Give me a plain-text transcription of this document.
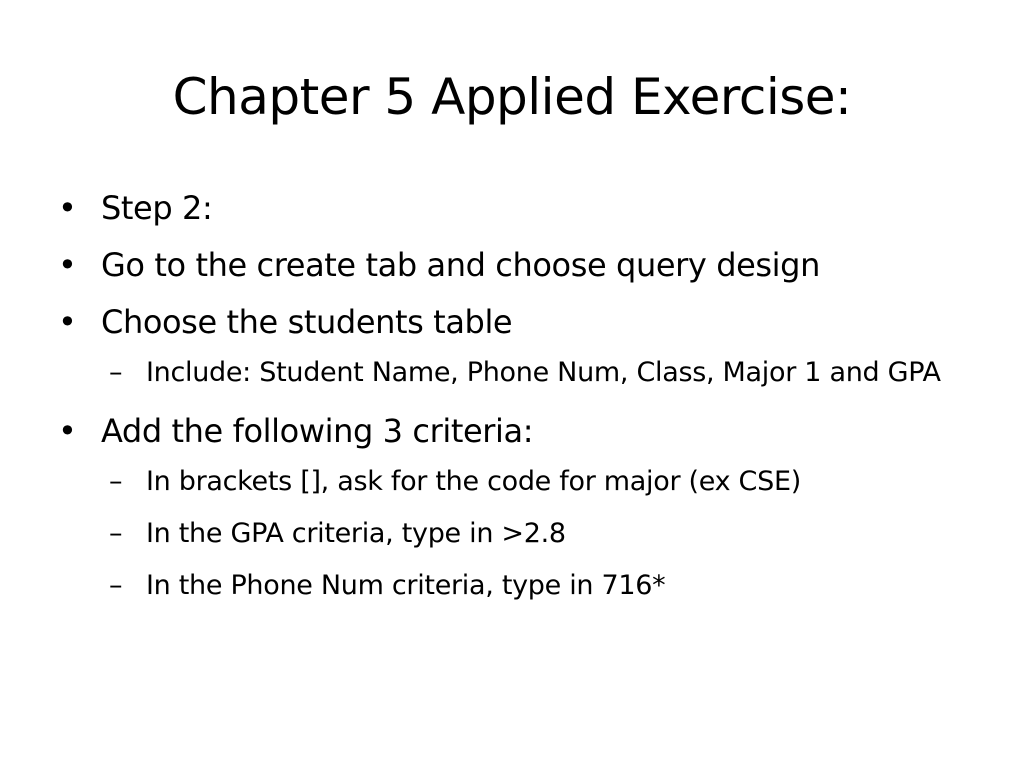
Chapter 5 Applied Exercise:
• Step 2:
• Go to the create tab and choose query design
• Choose the students table
– Include: Student Name, Phone Num, Class, Major 1 and GPA
• Add the following 3 criteria:
– In brackets [], ask for the code for major (ex CSE)
– In the GPA criteria, type in >2.8
– In the Phone Num criteria, type in 716*
